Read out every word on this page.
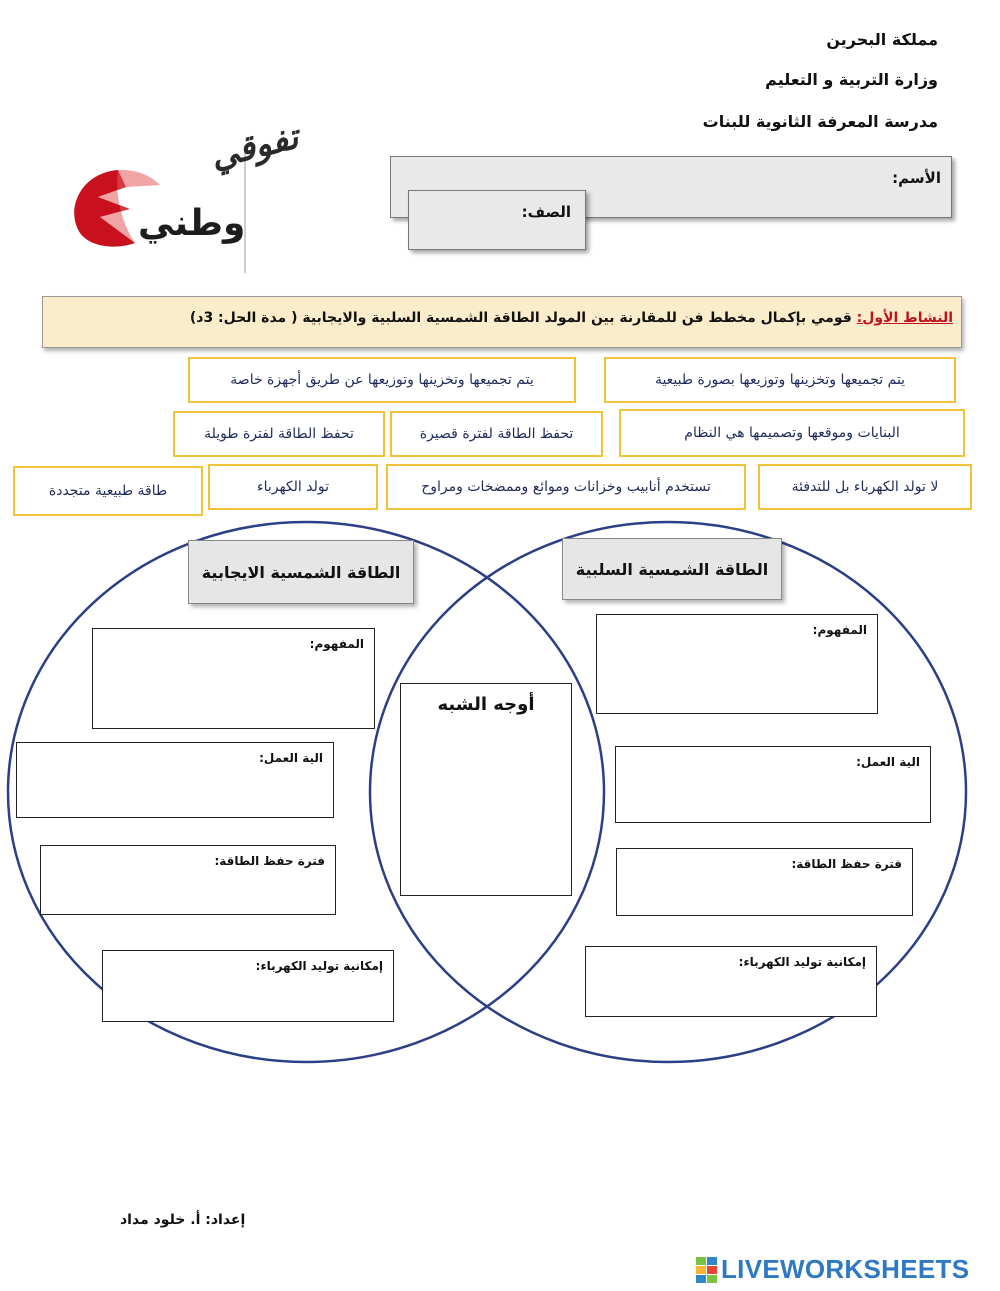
مملكة البحرين
وزارة التربية و التعليم
مدرسة المعرفة الثانوية للبنات
تفوقي
وطني
الأسم:
الصف:
النشاط الأول: قومي بإكمال مخطط فن للمقارنة بين المولد الطاقة الشمسية السلبية والايجابية ( مدة الحل: 3د)
يتم تجميعها وتخزينها وتوزيعها بصورة طبيعية
يتم تجميعها وتخزينها وتوزيعها عن طريق أجهزة خاصة
البنايات وموقعها وتصميمها هي النظام
تحفظ الطاقة لفترة قصيرة
تحفظ الطاقة لفترة طويلة
لا تولد الكهرباء بل للتدفئة
تستخدم أنابيب وخزانات وموائع وممضخات ومراوح
تولد الكهرباء
طاقة طبيعية متجددة
الطاقة الشمسية الايجابية	الطاقة الشمسية السلبية
أوجه الشبه
المفهوم:
الية العمل:
فترة حفظ الطاقة:
إمكانية توليد الكهرباء:
المفهوم:
الية العمل:
فترة حفظ الطاقة:
إمكانية توليد الكهرباء:
إعداد: أ. خلود مداد
LIVEWORKSHEETS
